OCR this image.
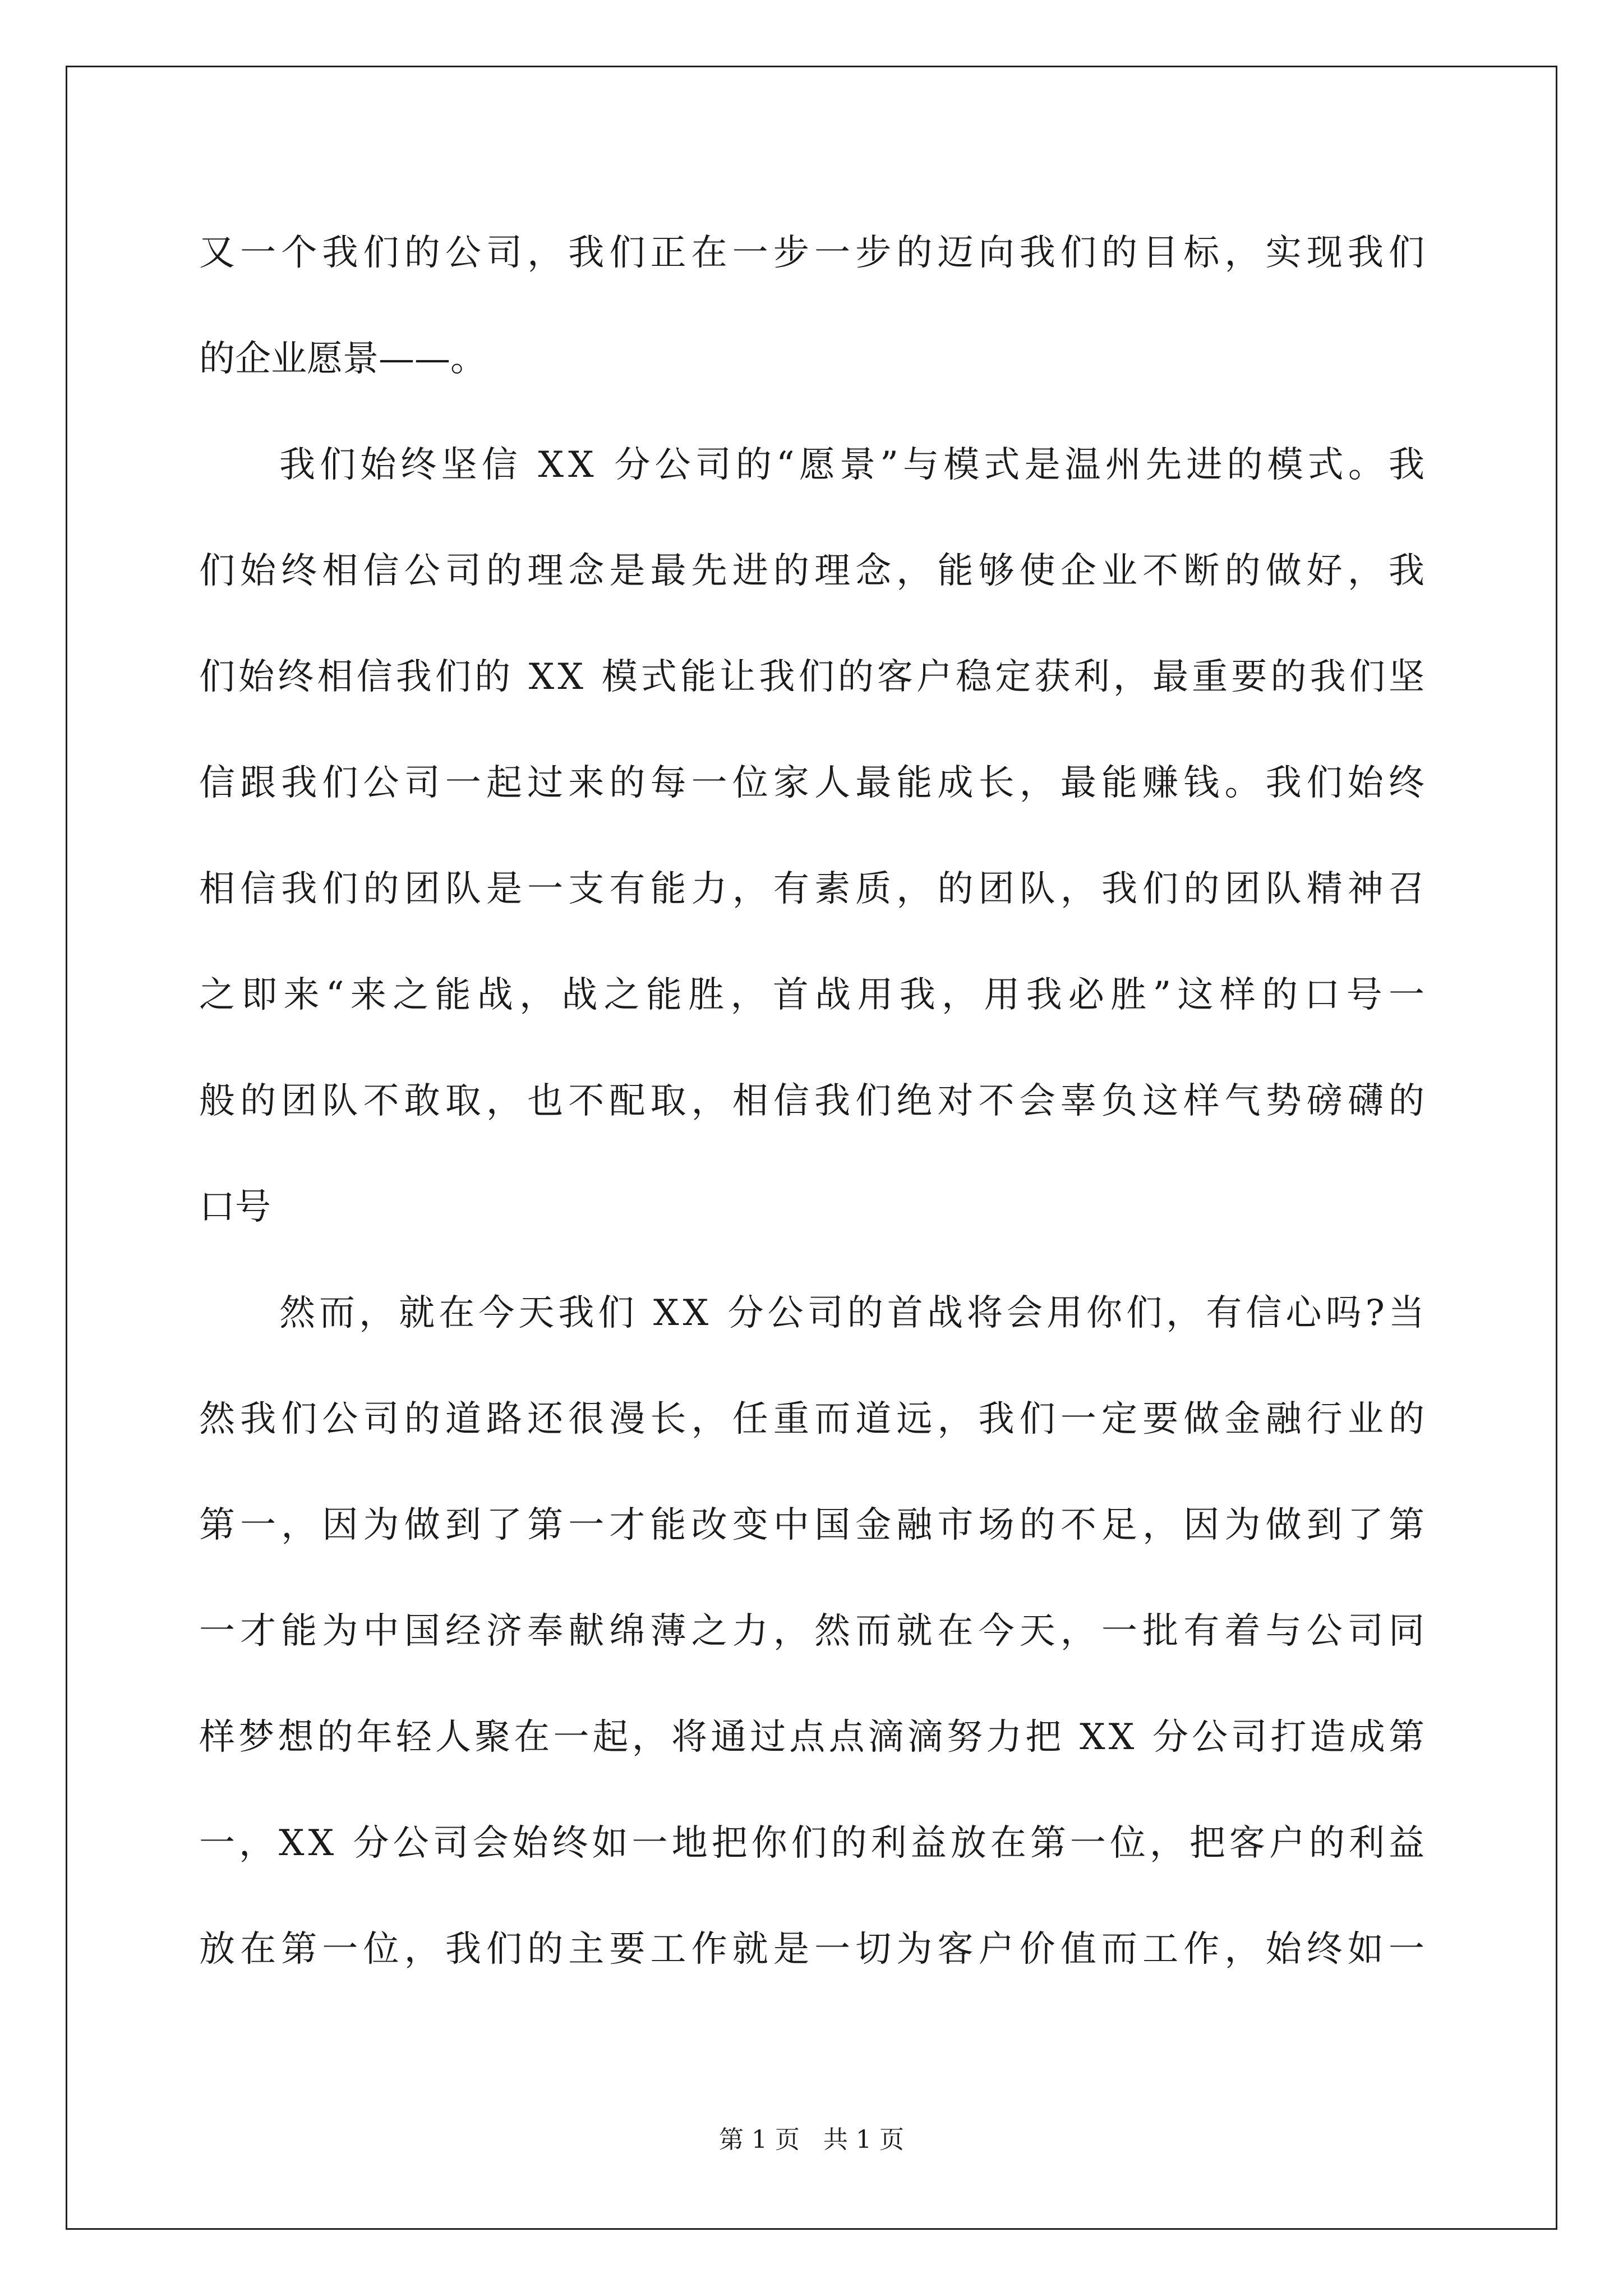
又一个我们的公司，我们正在一步一步的迈向我们的目标，实现我们
的企业愿景——。
我们始终坚信 XX 分公司的“愿景”与模式是温州先进的模式。我
们始终相信公司的理念是最先进的理念，能够使企业不断的做好，我
们始终相信我们的 XX 模式能让我们的客户稳定获利，最重要的我们坚
信跟我们公司一起过来的每一位家人最能成长，最能赚钱。我们始终
相信我们的团队是一支有能力，有素质，的团队，我们的团队精神召
之即来“来之能战，战之能胜，首战用我，用我必胜”这样的口号一
般的团队不敢取，也不配取，相信我们绝对不会辜负这样气势磅礴的
口号
然而，就在今天我们 XX 分公司的首战将会用你们，有信心吗?当
然我们公司的道路还很漫长，任重而道远，我们一定要做金融行业的
第一，因为做到了第一才能改变中国金融市场的不足，因为做到了第
一才能为中国经济奉献绵薄之力，然而就在今天，一批有着与公司同
样梦想的年轻人聚在一起，将通过点点滴滴努力把 XX 分公司打造成第
一，XX 分公司会始终如一地把你们的利益放在第一位，把客户的利益
放在第一位，我们的主要工作就是一切为客户价值而工作，始终如一
第 1 页   共 1 页
